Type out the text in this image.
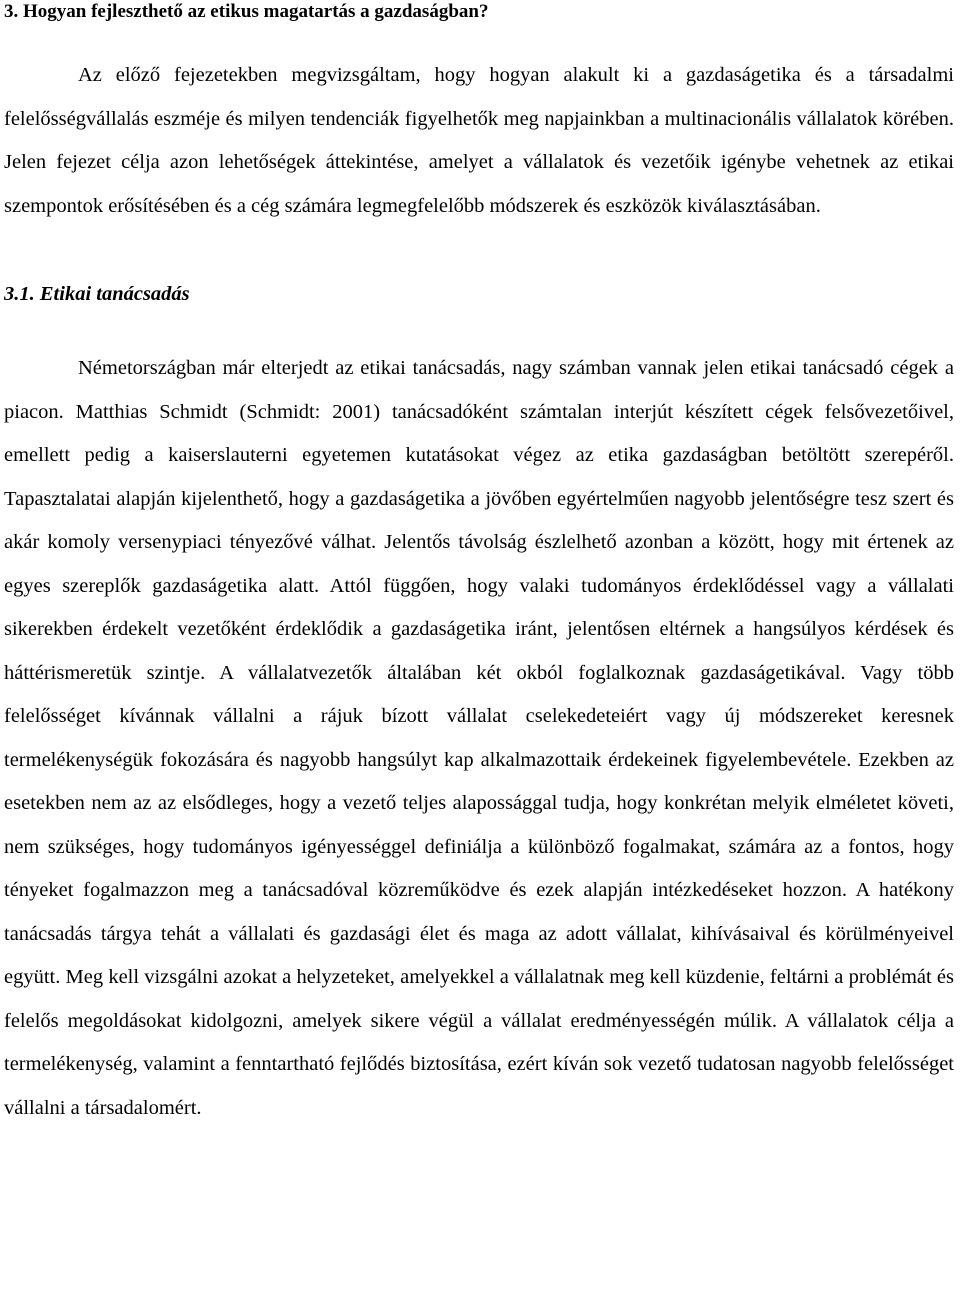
3. Hogyan fejleszthető az etikus magatartás a gazdaságban?

Az előző fejezetekben megvizsgáltam, hogy hogyan alakult ki a gazdaságetika és a társadalmi felelősségvállalás eszméje és milyen tendenciák figyelhetők meg napjainkban a multinacionális vállalatok körében. Jelen fejezet célja azon lehetőségek áttekintése, amelyet a vállalatok és vezetőik igénybe vehetnek az etikai szempontok erősítésében és a cég számára legmegfelelőbb módszerek és eszközök kiválasztásában.

3.1. Etikai tanácsadás

Németországban már elterjedt az etikai tanácsadás, nagy számban vannak jelen etikai tanácsadó cégek a piacon. Matthias Schmidt (Schmidt: 2001) tanácsadóként számtalan interjút készített cégek felsővezetőivel, emellett pedig a kaiserslauterni egyetemen kutatásokat végez az etika gazdaságban betöltött szerepéről. Tapasztalatai alapján kijelenthető, hogy a gazdaságetika a jövőben egyértelműen nagyobb jelentőségre tesz szert és akár komoly versenypiaci tényezővé válhat. Jelentős távolság észlelhető azonban a között, hogy mit értenek az egyes szereplők gazdaságetika alatt. Attól függően, hogy valaki tudományos érdeklődéssel vagy a vállalati sikerekben érdekelt vezetőként érdeklődik a gazdaságetika iránt, jelentősen eltérnek a hangsúlyos kérdések és háttérismeretük szintje. A vállalatvezetők általában két okból foglalkoznak gazdaságetikával. Vagy több felelősséget kívánnak vállalni a rájuk bízott vállalat cselekedeteiért vagy új módszereket keresnek termelékenységük fokozására és nagyobb hangsúlyt kap alkalmazottaik érdekeinek figyelembevétele. Ezekben az esetekben nem az az elsődleges, hogy a vezető teljes alapossággal tudja, hogy konkrétan melyik elméletet követi, nem szükséges, hogy tudományos igényességgel definiálja a különböző fogalmakat, számára az a fontos, hogy tényeket fogalmazzon meg a tanácsadóval közreműködve és ezek alapján intézkedéseket hozzon. A hatékony tanácsadás tárgya tehát a vállalati és gazdasági élet és maga az adott vállalat, kihívásaival és körülményeivel együtt. Meg kell vizsgálni azokat a helyzeteket, amelyekkel a vállalatnak meg kell küzdenie, feltárni a problémát és felelős megoldásokat kidolgozni, amelyek sikere végül a vállalat eredményességén múlik. A vállalatok célja a termelékenység, valamint a fenntartható fejlődés biztosítása, ezért kíván sok vezető tudatosan nagyobb felelősséget vállalni a társadalomért.
